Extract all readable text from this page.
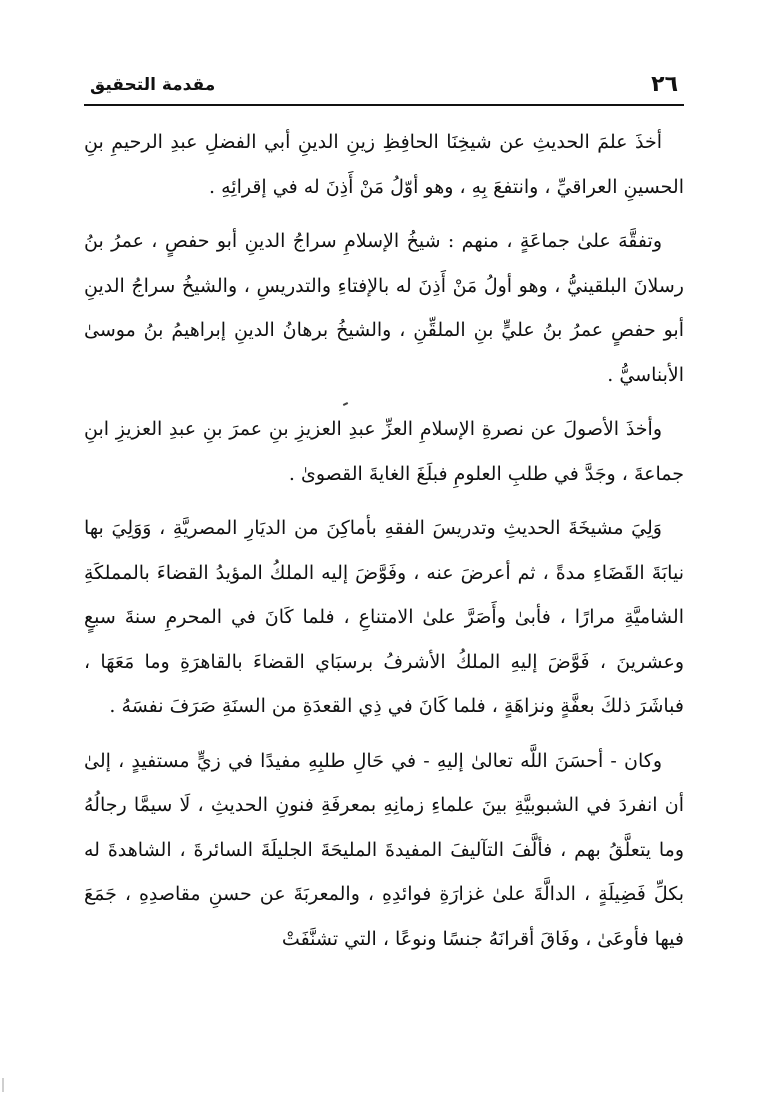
٢٦
مقدمة التحقيق

أخذَ علمَ الحديثِ عن شيخِنَا الحافِظِ زينِ الدينِ أبي الفضلِ عبدِ الرحيمِ بنِ الحسينِ العراقيِّ ، وانتفعَ بِهِ ، وهو أوّلُ مَنْ أَذِنَ له في إقرائِهِ .

وتفقَّهَ علىٰ جماعَةٍ ، منهم : شيخُ الإسلامِ سراجُ الدينِ أبو حفصٍ ، عمرُ بنُ رسلانَ البلقينيُّ ، وهو أولُ مَنْ أَذِنَ له بالإفتاءِ والتدريسِ ، والشيخُ سراجُ الدينِ أبو حفصٍ عمرُ بنُ عليٍّ بنِ الملقِّنِ ، والشيخُ برهانُ الدينِ إبراهيمُ بنُ موسىٰ الأبناسيُّ .

وأخذَ الأصولَ عن نصرةِ الإسلامِ العزِّ عبدِ العزيزِ بنِ عمرَ بنِ عبدِ العزيزِ ابنِ جماعةَ ، وجَدَّ في طلبِ العلومِ فبلَغَ الغايةَ القصوىٰ .

وَلِيَ مشيخَةَ الحديثِ وتدريسَ الفقهِ بأماكِنَ من الديَارِ المصريَّةِ ، وَوَلِيَ بها نيابَةَ القَضَاءِ مدةً ، ثم أعرضَ عنه ، وفَوَّضَ إليه الملكُ المؤيدُ القضاءَ بالمملكَةِ الشاميَّةِ مرارًا ، فأبىٰ وأَصَرَّ علىٰ الامتناعِ ، فلما كَانَ في المحرمِ سنةَ سبعٍ وعشرينَ ، فَوَّضَ إليهِ الملكُ الأشرفُ برسبَاي القضاءَ بالقاهرَةِ وما مَعَهَا ، فباشَرَ ذلكَ بعفَّةٍ ونزاهَةٍ ، فلما كَانَ في ذِي القعدَةِ من السنَةِ صَرَفَ نفسَهُ .

وكان - أحسَنَ اللَّه تعالىٰ إليهِ - في حَالِ طلبِهِ مفيدًا في زيٍّ مستفيدٍ ، إلىٰ أن انفردَ في الشبوبيَّةِ بينَ علماءِ زمانِهِ بمعرفَةِ فنونِ الحديثِ ، لَا سيمَّا رجالُهُ وما يتعلَّقُ بهم ، فألَّفَ التآليفَ المفيدةَ المليحَةَ الجليلَةَ السائرةَ ، الشاهدةَ له بكلِّ فَضِيلَةٍ ، الدالَّةَ علىٰ غزارَةِ فوائدِهِ ، والمعربَةَ عن حسنِ مقاصدِهِ ، جَمَعَ فيها فأوعَىٰ ، وفَاقَ أقرانَهُ جنسًا ونوعًا ، التي تشنَّفَتْ
